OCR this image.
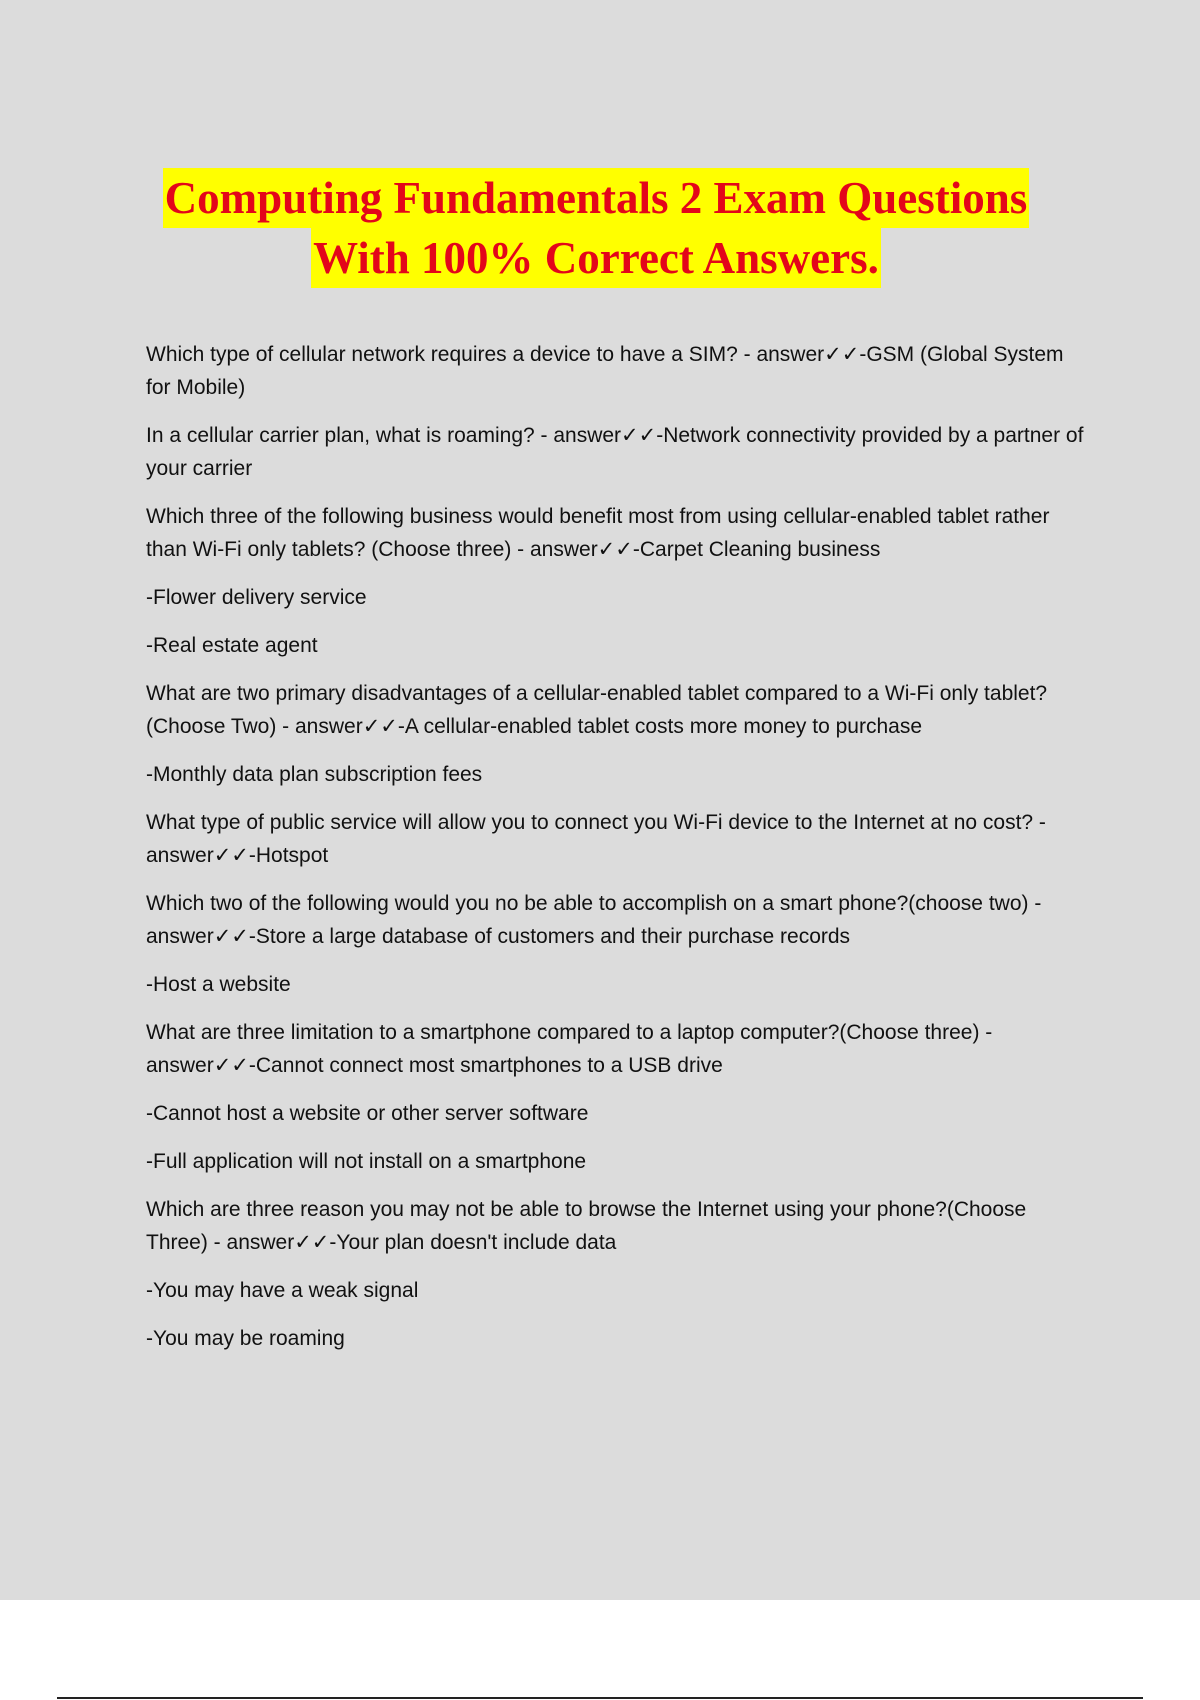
Computing Fundamentals 2 Exam Questions
With 100% Correct Answers.

Which type of cellular network requires a device to have a SIM? - answer✓✓-GSM (Global System for Mobile)

In a cellular carrier plan, what is roaming? - answer✓✓-Network connectivity provided by a partner of your carrier

Which three of the following business would benefit most from using cellular-enabled tablet rather than Wi-Fi only tablets? (Choose three) - answer✓✓-Carpet Cleaning business

-Flower delivery service

-Real estate agent

What are two primary disadvantages of a cellular-enabled tablet compared to a Wi-Fi only tablet?(Choose Two) - answer✓✓-A cellular-enabled tablet costs more money to purchase

-Monthly data plan subscription fees

What type of public service will allow you to connect you Wi-Fi device to the Internet at no cost? - answer✓✓-Hotspot

Which two of the following would you no be able to accomplish on a smart phone?(choose two) - answer✓✓-Store a large database of customers and their purchase records

-Host a website

What are three limitation to a smartphone compared to a laptop computer?(Choose three) - answer✓✓-Cannot connect most smartphones to a USB drive

-Cannot host a website or other server software

-Full application will not install on a smartphone

Which are three reason you may not be able to browse the Internet using your phone?(Choose Three) - answer✓✓-Your plan doesn't include data

-You may have a weak signal

-You may be roaming
